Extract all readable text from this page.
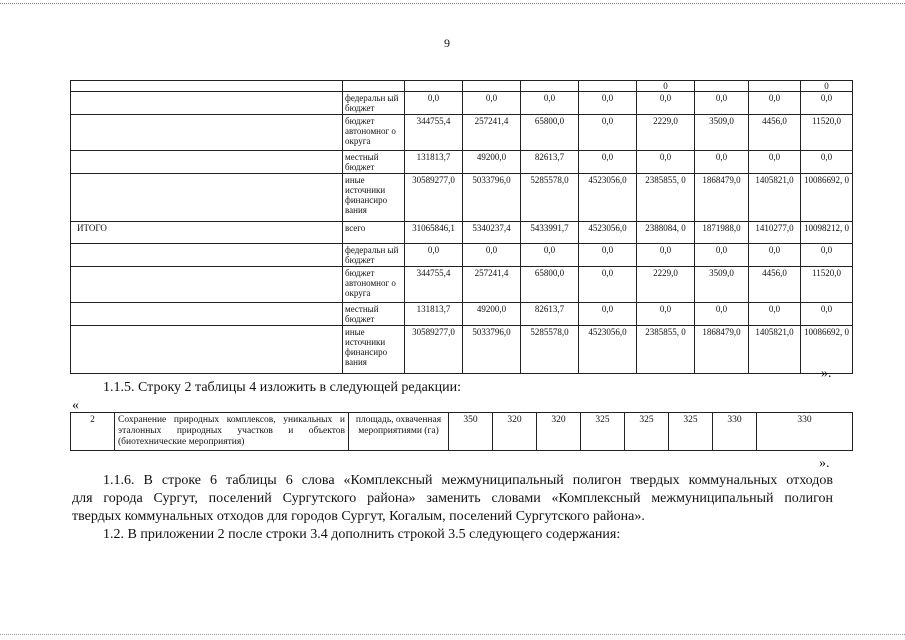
9
						0			0
	федеральн ый бюджет	0,0	0,0	0,0	0,0	0,0	0,0	0,0	0,0
	бюджет автономног о округа	344755,4	257241,4	65800,0	0,0	2229,0	3509,0	4456,0	11520,0
	местный бюджет	131813,7	49200,0	82613,7	0,0	0,0	0,0	0,0	0,0
	иные источники финансиро вания	30589277,0	5033796,0	5285578,0	4523056,0	2385855, 0	1868479,0	1405821,0	10086692, 0
ИТОГО	всего	31065846,1	5340237,4	5433991,7	4523056,0	2388084, 0	1871988,0	1410277,0	10098212, 0
	федеральн ый бюджет	0,0	0,0	0,0	0,0	0,0	0,0	0,0	0,0
	бюджет автономног о округа	344755,4	257241,4	65800,0	0,0	2229,0	3509,0	4456,0	11520,0
	местный бюджет	131813,7	49200,0	82613,7	0,0	0,0	0,0	0,0	0,0
	иные источники финансиро вания	30589277,0	5033796,0	5285578,0	4523056,0	2385855, 0	1868479,0	1405821,0	10086692, 0
».
1.1.5. Строку 2 таблицы 4 изложить в следующей редакции:
«
2	Сохранение природных комплексов, уникальных и эталонных природных участков и объектов (биотехнические мероприятия)	площадь, охваченная мероприятиями (га)	350	320	320	325	325	325	330	330
».
1.1.6. В строке 6 таблицы 6 слова «Комплексный межмуниципальный полигон твердых коммунальных отходов
для города Сургут, поселений Сургутского района» заменить словами «Комплексный межмуниципальный полигон
твердых коммунальных отходов для городов Сургут, Когалым, поселений Сургутского района».
1.2. В приложении 2 после строки 3.4 дополнить строкой 3.5 следующего содержания:
